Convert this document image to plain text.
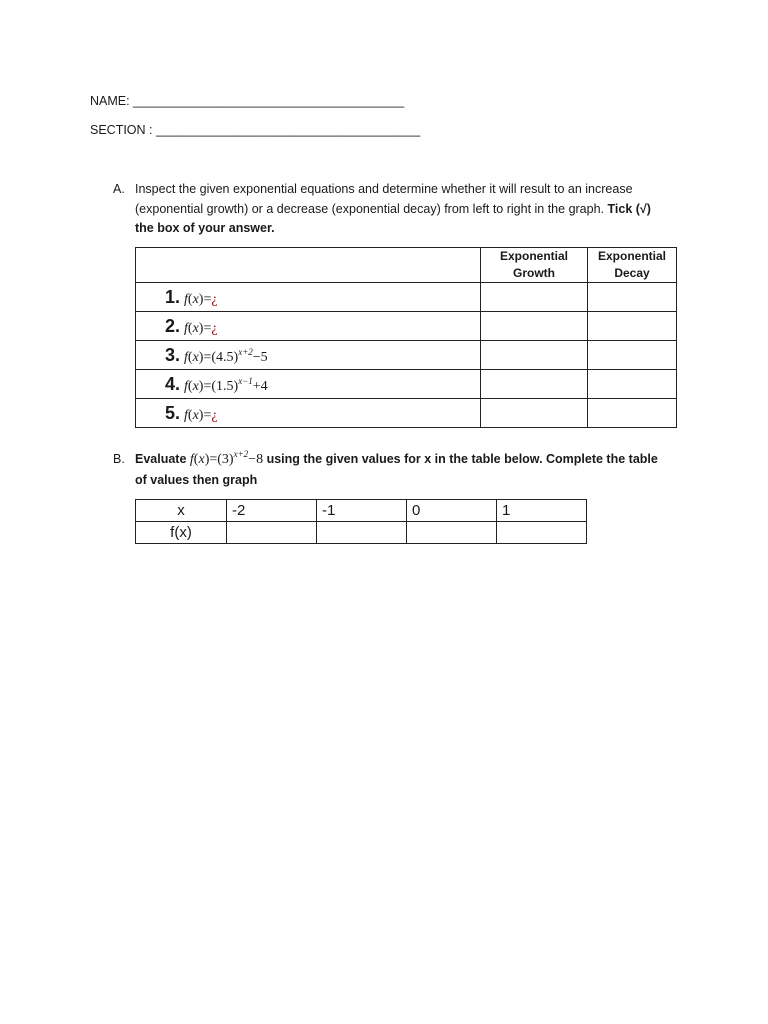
NAME: _______________________________________
SECTION : ______________________________________
A. Inspect the given exponential equations and determine whether it will result to an increase (exponential growth) or a decrease (exponential decay) from left to right in the graph. Tick (√) the box of your answer.
	Exponential Growth	Exponential Decay
1. f(x)=¿		
2. f(x)=¿		
3. $f(x)=(4.5)^{x+2}-5$		
4. $f(x)=(1.5)^{x-1}+4$		
5. f(x)=¿		
B. Evaluate $f(x)=(3)^{x+2}-8$ using the given values for x in the table below. Complete the table of values then graph
x	-2	-1	0	1
f(x)				
